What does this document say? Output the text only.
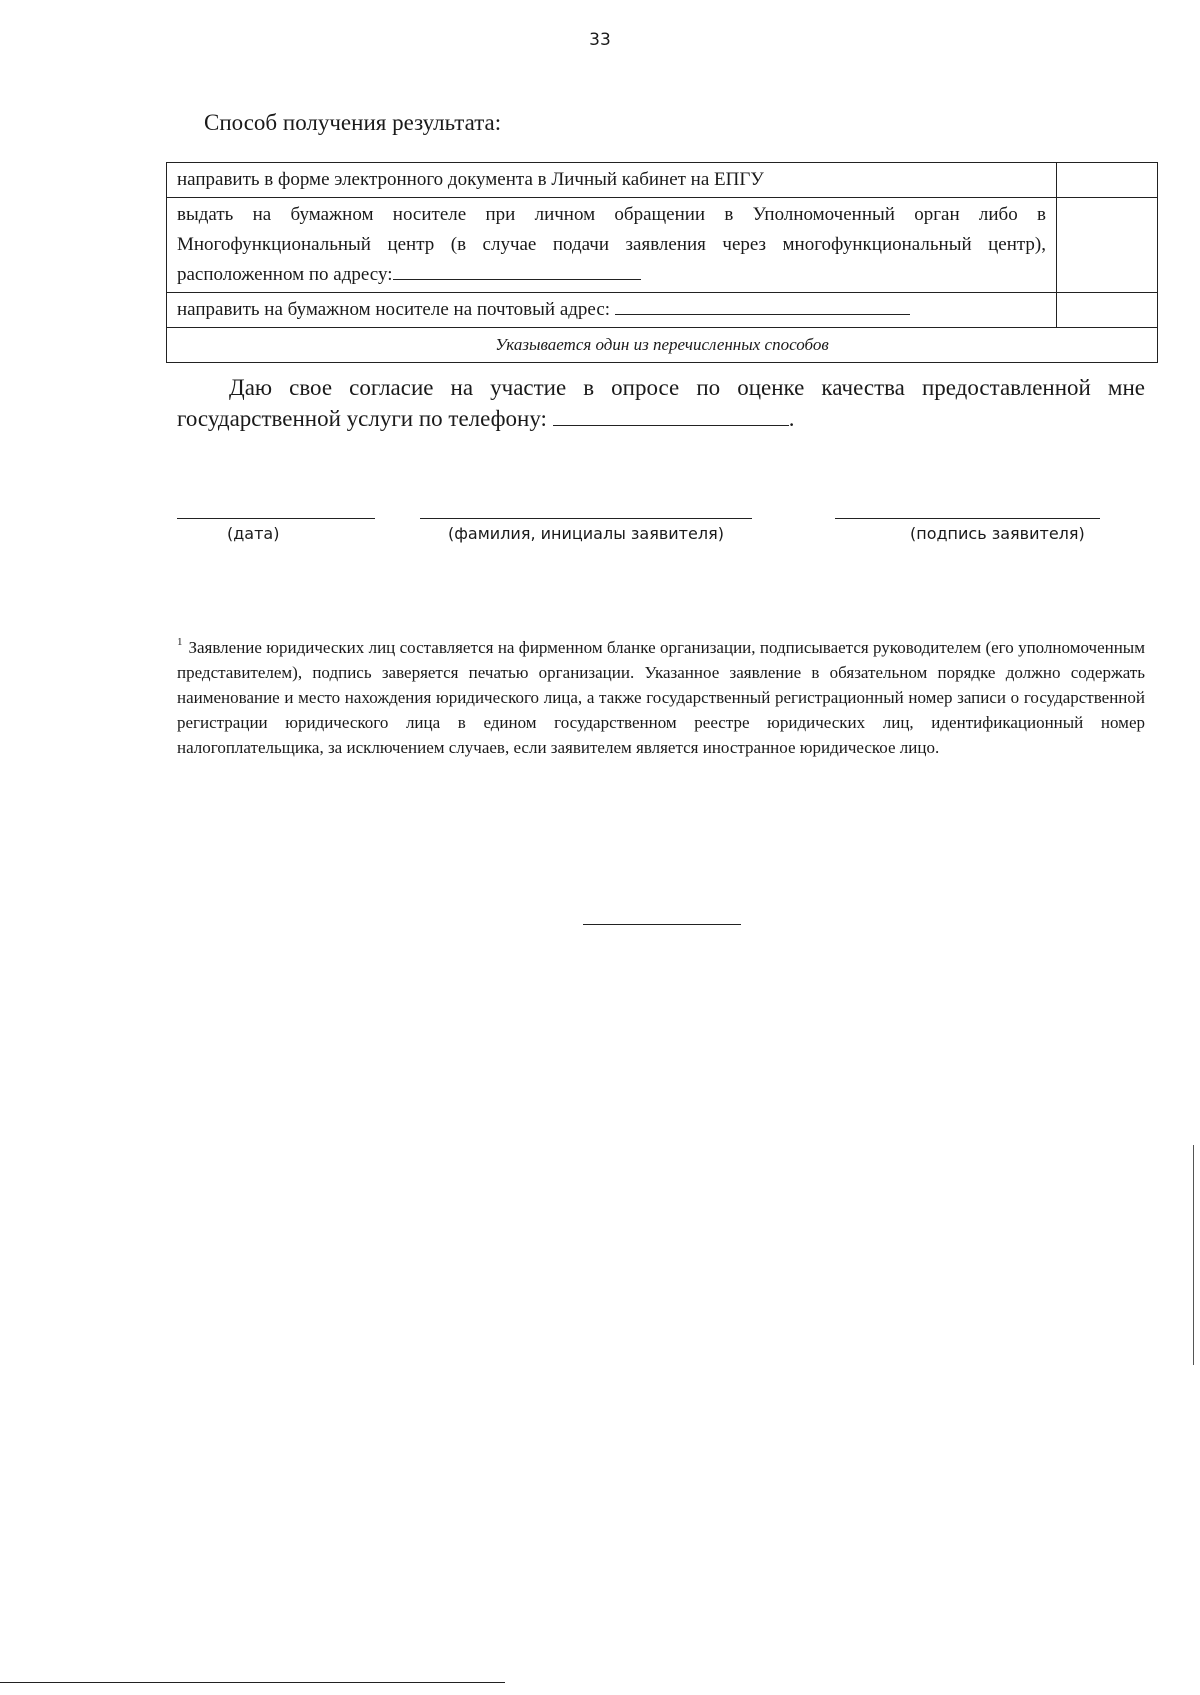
33
Способ получения результата:
направить в форме электронного документа в Личный кабинет на ЕПГУ	
выдать на бумажном носителе при личном обращении в Уполномоченный орган либо в Многофункциональный центр (в случае подачи заявления через многофункциональный центр), расположенном по адресу:	
направить на бумажном носителе на почтовый адрес:	
Указывается один из перечисленных способов	
Даю свое согласие на участие в опросе по оценке качества предоставленной мне государственной услуги по телефону:	.
(дата)	(фамилия, инициалы заявителя)	(подпись заявителя)
$^1$ Заявление юридических лиц составляется на фирменном бланке организации, подписывается руководителем (его уполномоченным представителем), подпись заверяется печатью организации. Указанное заявление в обязательном порядке должно содержать наименование и место нахождения юридического лица, а также государственный регистрационный номер записи о государственной регистрации юридического лица в едином государственном реестре юридических лиц, идентификационный номер налогоплательщика, за исключением случаев, если заявителем является иностранное юридическое лицо.
